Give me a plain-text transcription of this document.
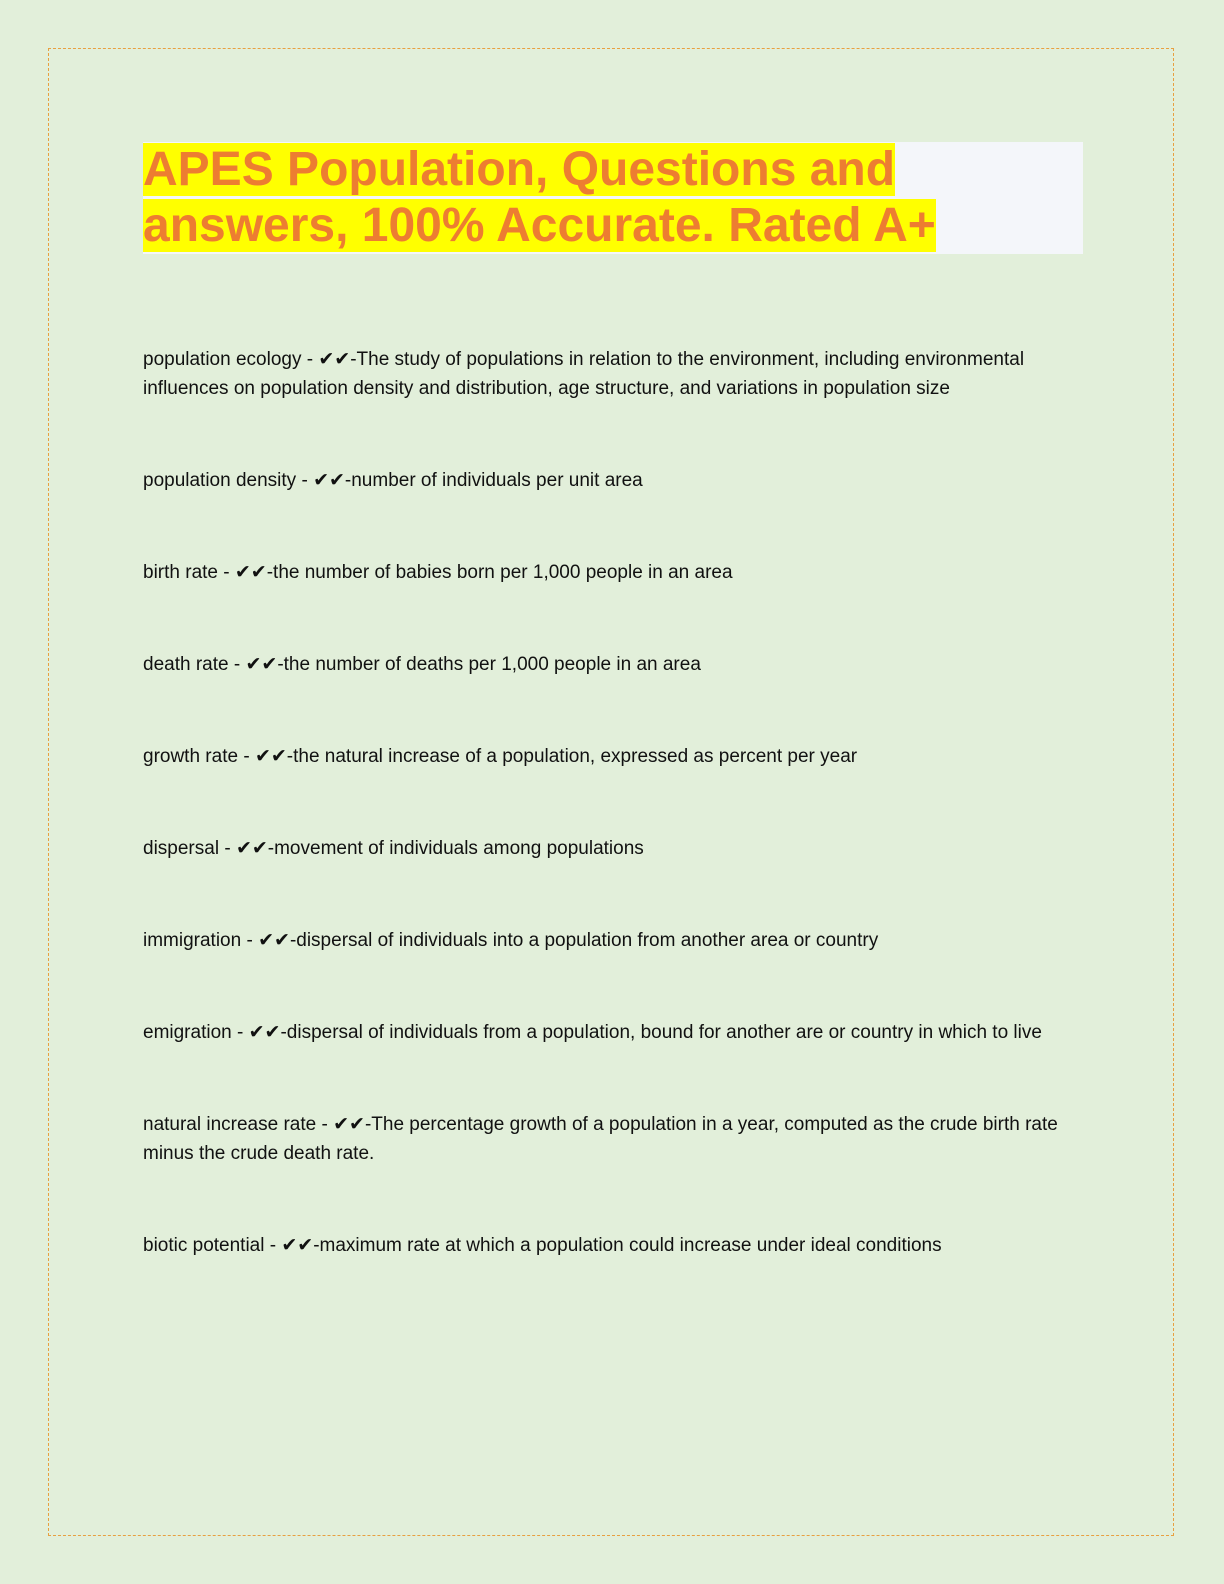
APES Population, Questions and answers, 100% Accurate. Rated A+

population ecology - ✔✔-The study of populations in relation to the environment, including environmental influences on population density and distribution, age structure, and variations in population size

population density - ✔✔-number of individuals per unit area

birth rate - ✔✔-the number of babies born per 1,000 people in an area

death rate - ✔✔-the number of deaths per 1,000 people in an area

growth rate - ✔✔-the natural increase of a population, expressed as percent per year

dispersal - ✔✔-movement of individuals among populations

immigration - ✔✔-dispersal of individuals into a population from another area or country

emigration - ✔✔-dispersal of individuals from a population, bound for another are or country in which to live

natural increase rate - ✔✔-The percentage growth of a population in a year, computed as the crude birth rate minus the crude death rate.

biotic potential - ✔✔-maximum rate at which a population could increase under ideal conditions
